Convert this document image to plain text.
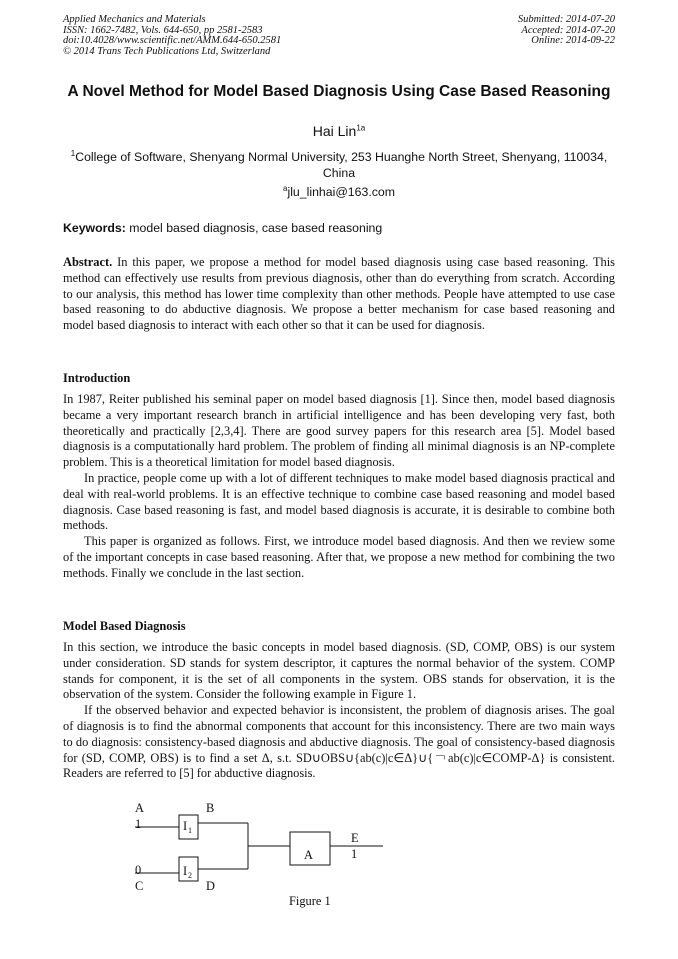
Applied Mechanics and Materials
ISSN: 1662-7482, Vols. 644-650, pp 2581-2583
doi:10.4028/www.scientific.net/AMM.644-650.2581
© 2014 Trans Tech Publications Ltd, Switzerland
Submitted: 2014-07-20
Accepted: 2014-07-20
Online: 2014-09-22
A Novel Method for Model Based Diagnosis Using Case Based Reasoning
Hai Lin$^{1a}$
$^1$College of Software, Shenyang Normal University, 253 Huanghe North Street, Shenyang, 110034, China
$^a$jlu_linhai@163.com
Keywords: model based diagnosis, case based reasoning

Abstract. In this paper, we propose a method for model based diagnosis using case based reasoning. This method can effectively use results from previous diagnosis, other than do everything from scratch. According to our analysis, this method has lower time complexity than other methods. People have attempted to use case based reasoning to do abductive diagnosis. We propose a better mechanism for case based reasoning and model based diagnosis to interact with each other so that it can be used for diagnosis.

Introduction

In 1987, Reiter published his seminal paper on model based diagnosis [1]. Since then, model based diagnosis became a very important research branch in artificial intelligence and has been developing very fast, both theoretically and practically [2,3,4]. There are good survey papers for this research area [5]. Model based diagnosis is a computationally hard problem. The problem of finding all minimal diagnosis is an NP-complete problem. This is a theoretical limitation for model based diagnosis.

In practice, people come up with a lot of different techniques to make model based diagnosis practical and deal with real-world problems. It is an effective technique to combine case based reasoning and model based diagnosis. Case based reasoning is fast, and model based diagnosis is accurate, it is desirable to combine both methods.

This paper is organized as follows. First, we introduce model based diagnosis. And then we review some of the important concepts in case based reasoning. After that, we propose a new method for combining the two methods. Finally we conclude in the last section.

Model Based Diagnosis

In this section, we introduce the basic concepts in model based diagnosis. (SD, COMP, OBS) is our system under consideration. SD stands for system descriptor, it captures the normal behavior of the system. COMP stands for component, it is the set of all components in the system. OBS stands for observation, it is the observation of the system. Consider the following example in Figure 1.

If the observed behavior and expected behavior is inconsistent, the problem of diagnosis arises. The goal of diagnosis is to find the abnormal components that account for this inconsistency. There are two main ways to do diagnosis: consistency-based diagnosis and abductive diagnosis. The goal of consistency-based diagnosis for (SD, COMP, OBS) is to find a set Δ, s.t. SD∪OBS∪{ab(c)|c∈Δ}∪{￢ab(c)|c∈COMP-Δ} is consistent. Readers are referred to [5] for abductive diagnosis.

A
1
B
0
C	D
I 1
I 2
A
E
1
Figure 1
